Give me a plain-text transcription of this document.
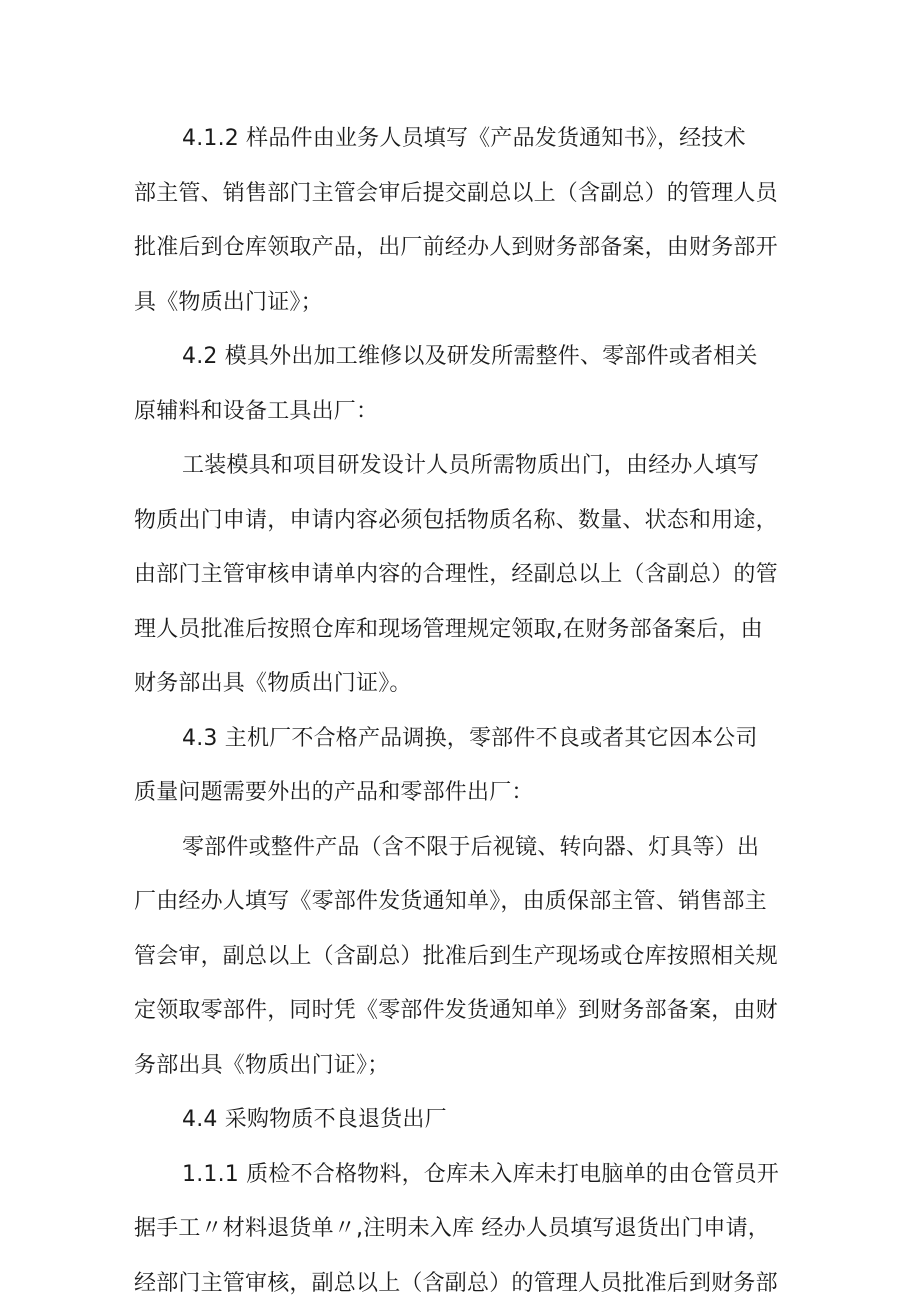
4.1.2 样品件由业务人员填写《产品发货通知书》，经技术
部主管、销售部门主管会审后提交副总以上（含副总）的管理人员
批准后到仓库领取产品，出厂前经办人到财务部备案，由财务部开
具《物质出门证》；
4.2 模具外出加工维修以及研发所需整件、零部件或者相关
原辅料和设备工具出厂：
工装模具和项目研发设计人员所需物质出门，由经办人填写
物质出门申请，申请内容必须包括物质名称、数量、状态和用途，
由部门主管审核申请单内容的合理性，经副总以上（含副总）的管
理人员批准后按照仓库和现场管理规定领取,在财务部备案后，由
财务部出具《物质出门证》。
4.3 主机厂不合格产品调换，零部件不良或者其它因本公司
质量问题需要外出的产品和零部件出厂：
零部件或整件产品（含不限于后视镜、转向器、灯具等）出
厂由经办人填写《零部件发货通知单》，由质保部主管、销售部主
管会审，副总以上（含副总）批准后到生产现场或仓库按照相关规
定领取零部件，同时凭《零部件发货通知单》到财务部备案，由财
务部出具《物质出门证》；
4.4 采购物质不良退货出厂
1.1.1 质检不合格物料，仓库未入库未打电脑单的由仓管员开
据手工〃材料退货单〃,注明未入库 经办人员填写退货出门申请，
经部门主管审核，副总以上（含副总）的管理人员批准后到财务部
